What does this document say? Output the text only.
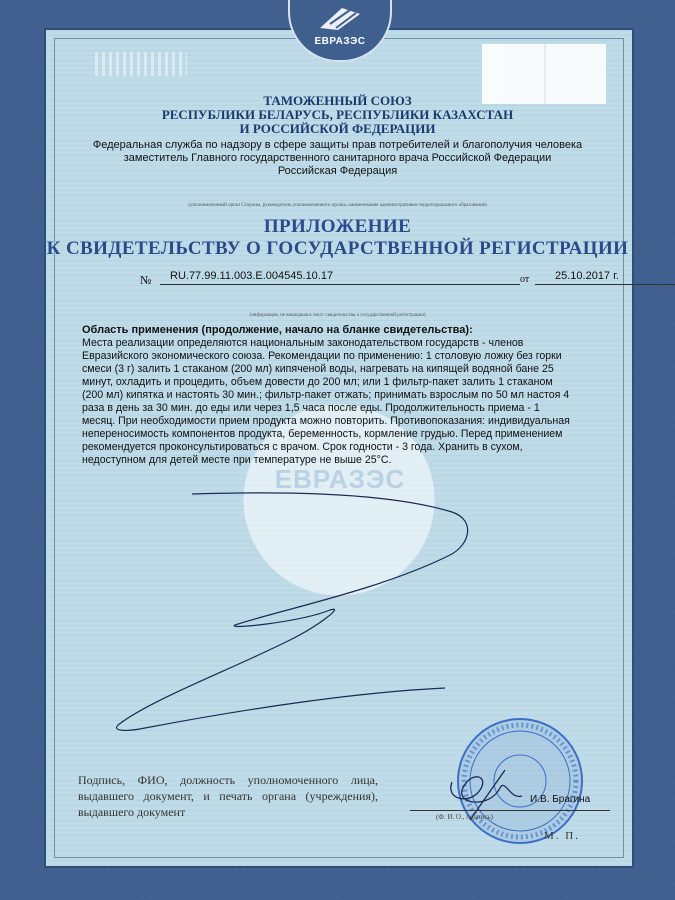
ЕВРАЗЭС
ТАМОЖЕННЫЙ СОЮЗ
РЕСПУБЛИКИ БЕЛАРУСЬ, РЕСПУБЛИКИ КАЗАХСТАН
И РОССИЙСКОЙ ФЕДЕРАЦИИ
Федеральная служба по надзору в сфере защиты прав потребителей и благополучия человека
заместитель Главного государственного санитарного врача Российской Федерации
Российская Федерация
(уполномоченный орган Стороны, руководитель уполномоченного органа, наименование административно-территориального образования)
ПРИЛОЖЕНИЕ
К СВИДЕТЕЛЬСТВУ О ГОСУДАРСТВЕННОЙ РЕГИСТРАЦИИ
№	RU.77.99.11.003.E.004545.10.17	от	25.10.2017 г.
(информация, не вошедшая в текст свидетельства о государственной регистрации)
Область применения (продолжение, начало на бланке свидетельства):
Места реализации определяются национальным законодательством государств - членов
Евразийского экономического союза. Рекомендации по применению: 1 столовую ложку без горки
смеси (3 г) залить 1 стаканом (200 мл) кипяченой воды, нагревать на кипящей водяной бане 25
минут, охладить и процедить, объем довести до 200 мл; или 1 фильтр-пакет залить 1 стаканом
(200 мл) кипятка и настоять 30 мин.; фильтр-пакет отжать; принимать взрослым по 50 мл настоя 4
раза в день за 30 мин. до еды или через 1,5 часа после еды. Продолжительность приема - 1
месяц. При необходимости прием продукта можно повторить. Противопоказания: индивидуальная
непереносимость компонентов продукта, беременность, кормление грудью. Перед применением
рекомендуется проконсультироваться с врачом. Срок годности - 3 года. Хранить в сухом,
недоступном для детей месте при температуре не выше 25°С.
ЕВРАЗЭС
Подпись, ФИО, должность уполномоченного лица, выдавшего документ, и печать органа (учреждения), выдавшего документ
И.В. Брагина
(Ф. И. О., подпись)
М. П.
